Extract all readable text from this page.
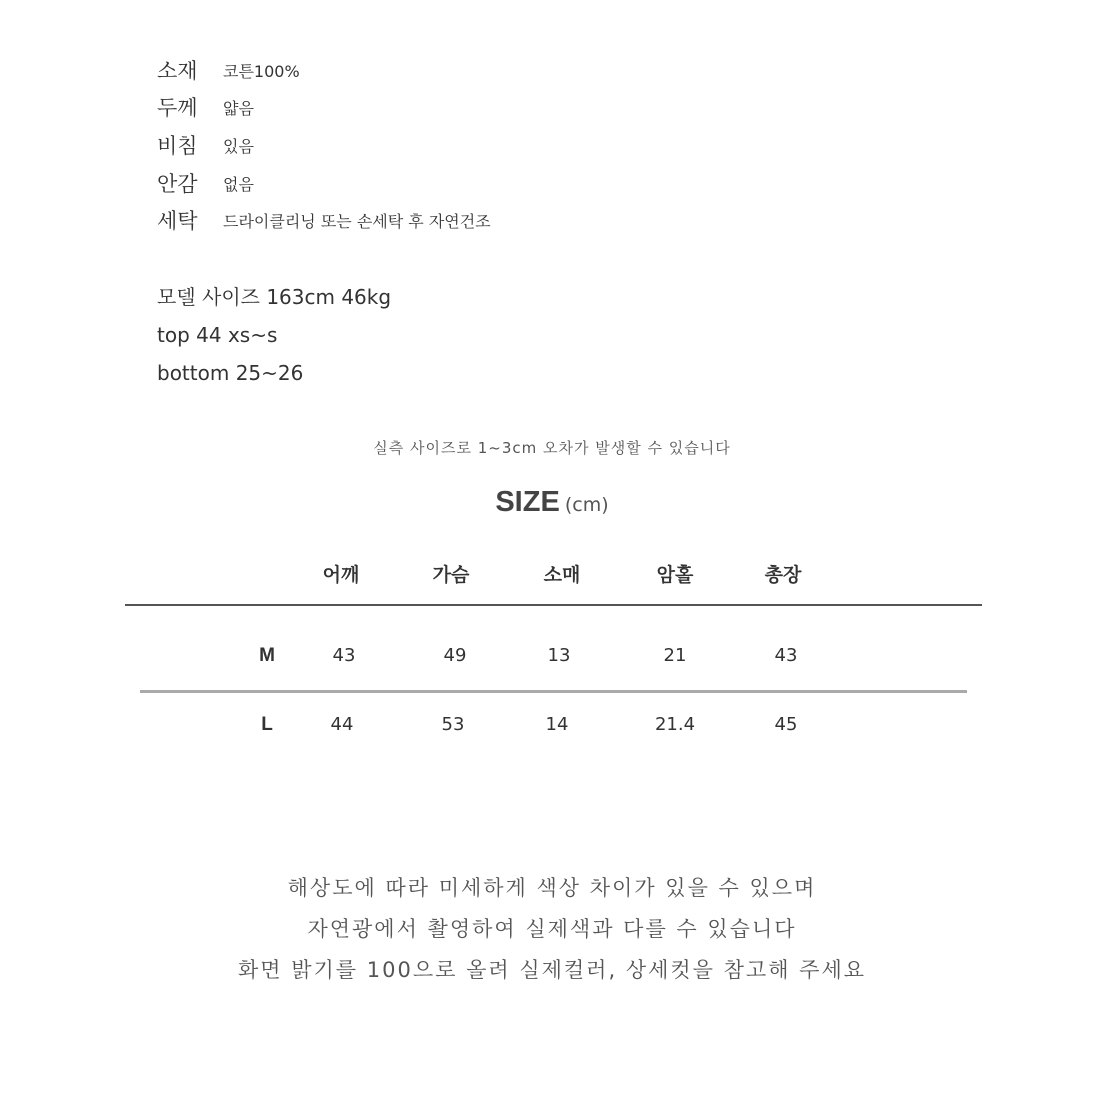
소재	코튼100%
두께	얇음
비침	있음
안감	없음
세탁	드라이클리닝 또는 손세탁 후 자연건조
모델 사이즈 163cm 46kg
top 44 xs~s
bottom 25~26
실측 사이즈로 1~3cm 오차가 발생할 수 있습니다
SIZE (cm)
어깨	가슴	소매	암홀	총장
M	43	49	13	21	43
L	44	53	14	21.4	45
해상도에 따라 미세하게 색상 차이가 있을 수 있으며
자연광에서 촬영하여 실제색과 다를 수 있습니다
화면 밝기를 100으로 올려 실제컬러, 상세컷을 참고해 주세요
